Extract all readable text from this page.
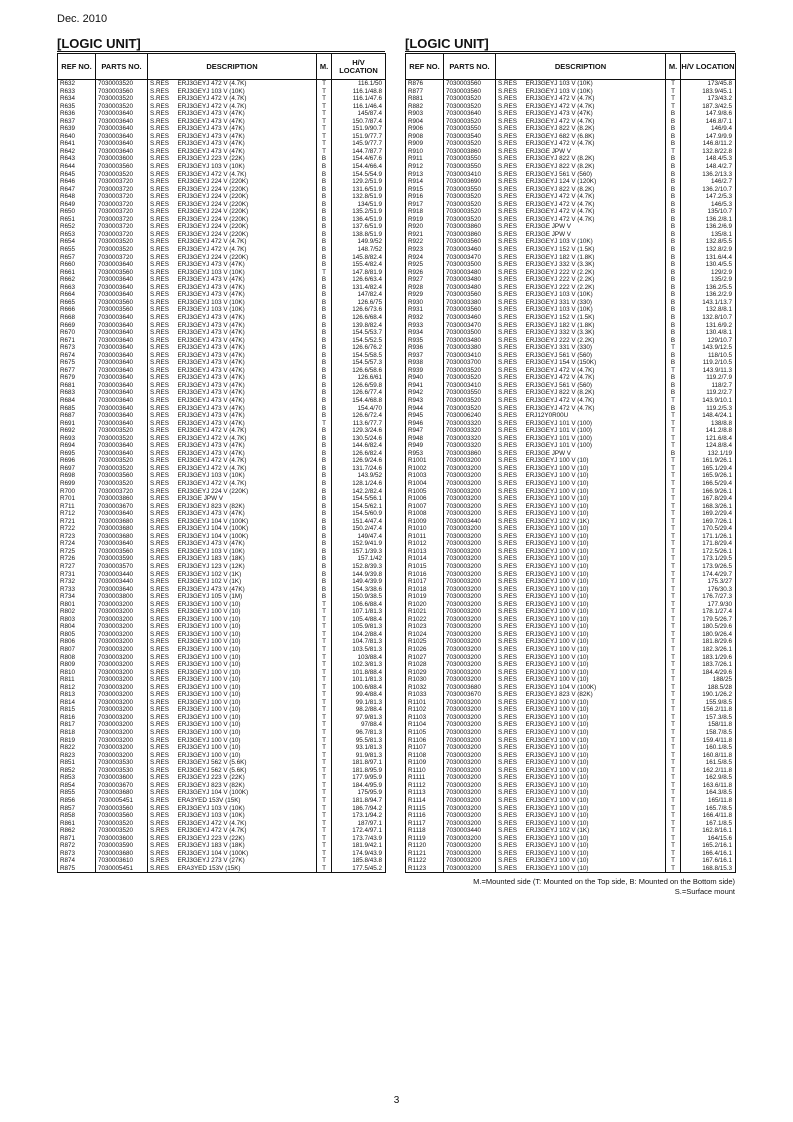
Dec. 2010
[LOGIC UNIT]	[LOGIC UNIT]
REF NO.	PARTS NO.	DESCRIPTION		M.	H/V LOCATION
R632	7030003520	S.RES	ERJ3GEYJ 472 V (4.7K)	T	116.1/50
R633	7030003560	S.RES	ERJ3GEYJ 103 V (10K)	T	116.1/48.8
R634	7030003520	S.RES	ERJ3GEYJ 472 V (4.7K)	T	116.1/47.6
R635	7030003520	S.RES	ERJ3GEYJ 472 V (4.7K)	T	116.1/46.4
R636	7030003640	S.RES	ERJ3GEYJ 473 V (47K)	T	145/87.4
R637	7030003640	S.RES	ERJ3GEYJ 473 V (47K)	T	150.7/87.4
R639	7030003640	S.RES	ERJ3GEYJ 473 V (47K)	T	151.9/90.7
R640	7030003640	S.RES	ERJ3GEYJ 473 V (47K)	T	151.9/77.7
R641	7030003640	S.RES	ERJ3GEYJ 473 V (47K)	T	145.9/77.7
R642	7030003640	S.RES	ERJ3GEYJ 473 V (47K)	T	144.7/87.7
R643	7030003600	S.RES	ERJ3GEYJ 223 V (22K)	B	154.4/67.6
R644	7030003560	S.RES	ERJ3GEYJ 103 V (10K)	B	154.4/66.4
R645	7030003520	S.RES	ERJ3GEYJ 472 V (4.7K)	B	154.5/54.9
R646	7030003720	S.RES	ERJ3GEYJ 224 V (220K)	B	129.2/51.9
R647	7030003720	S.RES	ERJ3GEYJ 224 V (220K)	B	131.6/51.9
R648	7030003720	S.RES	ERJ3GEYJ 224 V (220K)	B	132.8/51.9
R649	7030003720	S.RES	ERJ3GEYJ 224 V (220K)	B	134/51.9
R650	7030003720	S.RES	ERJ3GEYJ 224 V (220K)	B	135.2/51.9
R651	7030003720	S.RES	ERJ3GEYJ 224 V (220K)	B	136.4/51.9
R652	7030003720	S.RES	ERJ3GEYJ 224 V (220K)	B	137.6/51.9
R653	7030003720	S.RES	ERJ3GEYJ 224 V (220K)	B	138.8/51.9
R654	7030003520	S.RES	ERJ3GEYJ 472 V (4.7K)	B	149.9/52
R655	7030003520	S.RES	ERJ3GEYJ 472 V (4.7K)	B	148.7/52
R657	7030003720	S.RES	ERJ3GEYJ 224 V (220K)	B	145.8/82.4
R660	7030003640	S.RES	ERJ3GEYJ 473 V (47K)	B	155.4/82.4
R661	7030003560	S.RES	ERJ3GEYJ 103 V (10K)	T	147.8/81.9
R662	7030003640	S.RES	ERJ3GEYJ 473 V (47K)	B	126.6/63.4
R663	7030003640	S.RES	ERJ3GEYJ 473 V (47K)	B	131.4/82.4
R664	7030003640	S.RES	ERJ3GEYJ 473 V (47K)	B	147/82.4
R665	7030003560	S.RES	ERJ3GEYJ 103 V (10K)	B	126.6/75
R666	7030003560	S.RES	ERJ3GEYJ 103 V (10K)	B	126.6/73.6
R668	7030003640	S.RES	ERJ3GEYJ 473 V (47K)	B	126.6/68.4
R669	7030003640	S.RES	ERJ3GEYJ 473 V (47K)	B	139.8/82.4
R670	7030003640	S.RES	ERJ3GEYJ 473 V (47K)	B	154.5/53.7
R671	7030003640	S.RES	ERJ3GEYJ 473 V (47K)	B	154.5/52.5
R673	7030003640	S.RES	ERJ3GEYJ 473 V (47K)	B	126.6/76.2
R674	7030003640	S.RES	ERJ3GEYJ 473 V (47K)	B	154.5/58.5
R675	7030003640	S.RES	ERJ3GEYJ 473 V (47K)	B	154.5/57.3
R677	7030003640	S.RES	ERJ3GEYJ 473 V (47K)	B	126.6/58.6
R679	7030003640	S.RES	ERJ3GEYJ 473 V (47K)	B	126.6/61
R681	7030003640	S.RES	ERJ3GEYJ 473 V (47K)	B	126.6/59.8
R683	7030003640	S.RES	ERJ3GEYJ 473 V (47K)	B	126.6/77.4
R684	7030003640	S.RES	ERJ3GEYJ 473 V (47K)	B	154.4/68.8
R685	7030003640	S.RES	ERJ3GEYJ 473 V (47K)	B	154.4/70
R687	7030003640	S.RES	ERJ3GEYJ 473 V (47K)	B	126.6/72.4
R691	7030003640	S.RES	ERJ3GEYJ 473 V (47K)	T	113.6/77.7
R692	7030003520	S.RES	ERJ3GEYJ 472 V (4.7K)	B	129.3/24.6
R693	7030003520	S.RES	ERJ3GEYJ 472 V (4.7K)	B	130.5/24.6
R694	7030003640	S.RES	ERJ3GEYJ 473 V (47K)	B	144.6/82.4
R695	7030003640	S.RES	ERJ3GEYJ 473 V (47K)	B	126.6/82.4
R696	7030003520	S.RES	ERJ3GEYJ 472 V (4.7K)	B	126.9/24.6
R697	7030003520	S.RES	ERJ3GEYJ 472 V (4.7K)	B	131.7/24.6
R698	7030003560	S.RES	ERJ3GEYJ 103 V (10K)	B	143.9/52
R699	7030003520	S.RES	ERJ3GEYJ 472 V (4.7K)	B	128.1/24.6
R700	7030003720	S.RES	ERJ3GEYJ 224 V (220K)	B	142.2/82.4
R701	7030003860	S.RES	ERJ3GE JPW V	B	154.5/56.1
R711	7030003670	S.RES	ERJ3GEYJ 823 V (82K)	B	154.5/62.1
R712	7030003640	S.RES	ERJ3GEYJ 473 V (47K)	B	154.5/60.9
R721	7030003680	S.RES	ERJ3GEYJ 104 V (100K)	B	151.4/47.4
R722	7030003680	S.RES	ERJ3GEYJ 104 V (100K)	B	150.2/47.4
R723	7030003680	S.RES	ERJ3GEYJ 104 V (100K)	B	149/47.4
R724	7030003640	S.RES	ERJ3GEYJ 473 V (47K)	B	152.9/41.9
R725	7030003560	S.RES	ERJ3GEYJ 103 V (10K)	B	157.1/39.3
R726	7030003590	S.RES	ERJ3GEYJ 183 V (18K)	B	157.1/42
R727	7030003570	S.RES	ERJ3GEYJ 123 V (12K)	B	152.8/39.3
R731	7030003440	S.RES	ERJ3GEYJ 102 V (1K)	B	144.9/39.8
R732	7030003440	S.RES	ERJ3GEYJ 102 V (1K)	B	149.4/39.9
R733	7030003640	S.RES	ERJ3GEYJ 473 V (47K)	B	154.3/38.6
R734	7030003800	S.RES	ERJ3GEYJ 105 V (1M)	B	150.9/38.5
R801	7030003200	S.RES	ERJ3GEYJ 100 V (10)	T	106.6/88.4
R802	7030003200	S.RES	ERJ3GEYJ 100 V (10)	T	107.1/81.3
R803	7030003200	S.RES	ERJ3GEYJ 100 V (10)	T	105.4/88.4
R804	7030003200	S.RES	ERJ3GEYJ 100 V (10)	T	105.9/81.3
R805	7030003200	S.RES	ERJ3GEYJ 100 V (10)	T	104.2/88.4
R806	7030003200	S.RES	ERJ3GEYJ 100 V (10)	T	104.7/81.3
R807	7030003200	S.RES	ERJ3GEYJ 100 V (10)	T	103.5/81.3
R808	7030003200	S.RES	ERJ3GEYJ 100 V (10)	T	103/88.4
R809	7030003200	S.RES	ERJ3GEYJ 100 V (10)	T	102.3/81.3
R810	7030003200	S.RES	ERJ3GEYJ 100 V (10)	T	101.8/88.4
R811	7030003200	S.RES	ERJ3GEYJ 100 V (10)	T	101.1/81.3
R812	7030003200	S.RES	ERJ3GEYJ 100 V (10)	T	100.6/88.4
R813	7030003200	S.RES	ERJ3GEYJ 100 V (10)	T	99.4/88.4
R814	7030003200	S.RES	ERJ3GEYJ 100 V (10)	T	99.1/81.3
R815	7030003200	S.RES	ERJ3GEYJ 100 V (10)	T	98.2/88.4
R816	7030003200	S.RES	ERJ3GEYJ 100 V (10)	T	97.9/81.3
R817	7030003200	S.RES	ERJ3GEYJ 100 V (10)	T	97/88.4
R818	7030003200	S.RES	ERJ3GEYJ 100 V (10)	T	96.7/81.3
R819	7030003200	S.RES	ERJ3GEYJ 100 V (10)	T	95.5/81.3
R822	7030003200	S.RES	ERJ3GEYJ 100 V (10)	T	93.1/81.3
R823	7030003200	S.RES	ERJ3GEYJ 100 V (10)	T	91.9/81.3
R851	7030003530	S.RES	ERJ3GEYJ 562 V (5.6K)	T	181.8/97.1
R852	7030003530	S.RES	ERJ3GEYJ 562 V (5.6K)	T	181.8/95.9
R853	7030003600	S.RES	ERJ3GEYJ 223 V (22K)	T	177.9/95.9
R854	7030003670	S.RES	ERJ3GEYJ 823 V (82K)	T	184.4/95.9
R855	7030003680	S.RES	ERJ3GEYJ 104 V (100K)	T	175/95.9
R856	7030005451	S.RES	ERA3YED 153V (15K)	T	181.8/94.7
R857	7030003560	S.RES	ERJ3GEYJ 103 V (10K)	T	186.7/94.2
R858	7030003560	S.RES	ERJ3GEYJ 103 V (10K)	T	173.1/94.2
R861	7030003520	S.RES	ERJ3GEYJ 472 V (4.7K)	T	187/97.1
R862	7030003520	S.RES	ERJ3GEYJ 472 V (4.7K)	T	172.4/97.1
R871	7030003600	S.RES	ERJ3GEYJ 223 V (22K)	T	173.7/43.9
R872	7030003590	S.RES	ERJ3GEYJ 183 V (18K)	T	181.9/42.1
R873	7030003680	S.RES	ERJ3GEYJ 104 V (100K)	T	174.9/43.9
R874	7030003610	S.RES	ERJ3GEYJ 273 V (27K)	T	185.8/43.8
R875	7030005451	S.RES	ERA3YED 153V (15K)	T	177.5/45.2
REF NO.	PARTS NO.	DESCRIPTION		M.	H/V LOCATION
R876	7030003560	S.RES	ERJ3GEYJ 103 V (10K)	T	173/45.8
R877	7030003560	S.RES	ERJ3GEYJ 103 V (10K)	T	183.9/45.1
R881	7030003520	S.RES	ERJ3GEYJ 472 V (4.7K)	T	173/43.2
R882	7030003520	S.RES	ERJ3GEYJ 472 V (4.7K)	T	187.3/42.5
R903	7030003640	S.RES	ERJ3GEYJ 473 V (47K)	B	147.9/8.6
R904	7030003520	S.RES	ERJ3GEYJ 472 V (4.7K)	B	146.8/7.1
R906	7030003550	S.RES	ERJ3GEYJ 822 V (8.2K)	B	146/9.4
R908	7030003540	S.RES	ERJ3GEYJ 682 V (6.8K)	B	147.9/9.9
R909	7030003520	S.RES	ERJ3GEYJ 472 V (4.7K)	B	146.8/11.2
R910	7030003860	S.RES	ERJ3GE JPW V	T	132.8/22.8
R911	7030003550	S.RES	ERJ3GEYJ 822 V (8.2K)	B	148.4/5.3
R912	7030003550	S.RES	ERJ3GEYJ 822 V (8.2K)	B	148.4/2.7
R913	7030003410	S.RES	ERJ3GEYJ 561 V (560)	B	136.2/13.3
R914	7030003690	S.RES	ERJ3GEYJ 124 V (120K)	B	146/2.7
R915	7030003550	S.RES	ERJ3GEYJ 822 V (8.2K)	B	136.2/10.7
R916	7030003520	S.RES	ERJ3GEYJ 472 V (4.7K)	B	147.2/5.3
R917	7030003520	S.RES	ERJ3GEYJ 472 V (4.7K)	B	146/5.3
R918	7030003520	S.RES	ERJ3GEYJ 472 V (4.7K)	B	135/10.7
R919	7030003520	S.RES	ERJ3GEYJ 472 V (4.7K)	B	136.2/8.1
R920	7030003860	S.RES	ERJ3GE JPW V	B	136.2/6.9
R921	7030003860	S.RES	ERJ3GE JPW V	B	135/8.1
R922	7030003560	S.RES	ERJ3GEYJ 103 V (10K)	B	132.8/5.5
R923	7030003460	S.RES	ERJ3GEYJ 152 V (1.5K)	B	132.8/2.9
R924	7030003470	S.RES	ERJ3GEYJ 182 V (1.8K)	B	131.6/4.4
R925	7030003500	S.RES	ERJ3GEYJ 332 V (3.3K)	B	130.4/5.5
R926	7030003480	S.RES	ERJ3GEYJ 222 V (2.2K)	B	129/2.9
R927	7030003480	S.RES	ERJ3GEYJ 222 V (2.2K)	B	135/2.9
R928	7030003480	S.RES	ERJ3GEYJ 222 V (2.2K)	B	136.2/5.5
R929	7030003560	S.RES	ERJ3GEYJ 103 V (10K)	B	136.2/2.9
R930	7030003380	S.RES	ERJ3GEYJ 331 V (330)	B	143.1/13.7
R931	7030003560	S.RES	ERJ3GEYJ 103 V (10K)	B	132.8/8.1
R932	7030003460	S.RES	ERJ3GEYJ 152 V (1.5K)	B	132.8/10.7
R933	7030003470	S.RES	ERJ3GEYJ 182 V (1.8K)	B	131.6/9.2
R934	7030003500	S.RES	ERJ3GEYJ 332 V (3.3K)	B	130.4/8.1
R935	7030003480	S.RES	ERJ3GEYJ 222 V (2.2K)	B	129/10.7
R936	7030003380	S.RES	ERJ3GEYJ 331 V (330)	T	143.9/12.5
R937	7030003410	S.RES	ERJ3GEYJ 561 V (560)	B	118/10.5
R938	7030003700	S.RES	ERJ3GEYJ 154 V (150K)	B	119.2/10.5
R939	7030003520	S.RES	ERJ3GEYJ 472 V (4.7K)	T	143.9/11.3
R940	7030003520	S.RES	ERJ3GEYJ 472 V (4.7K)	B	119.2/7.9
R941	7030003410	S.RES	ERJ3GEYJ 561 V (560)	B	118/2.7
R942	7030003550	S.RES	ERJ3GEYJ 822 V (8.2K)	B	119.2/2.7
R943	7030003520	S.RES	ERJ3GEYJ 472 V (4.7K)	T	143.9/10.1
R944	7030003520	S.RES	ERJ3GEYJ 472 V (4.7K)	B	119.2/5.3
R945	7030006240	S.RES	ERJ12Y0R00U	T	148.4/24.1
R946	7030003320	S.RES	ERJ3GEYJ 101 V (100)	T	138/8.8
R947	7030003320	S.RES	ERJ3GEYJ 101 V (100)	T	141.2/8.8
R948	7030003320	S.RES	ERJ3GEYJ 101 V (100)	T	121.6/8.4
R949	7030003320	S.RES	ERJ3GEYJ 101 V (100)	T	124.8/8.4
R953	7030003860	S.RES	ERJ3GE JPW V	B	132.1/19
R1001	7030003200	S.RES	ERJ3GEYJ 100 V (10)	T	161.9/26.1
R1002	7030003200	S.RES	ERJ3GEYJ 100 V (10)	T	165.1/29.4
R1003	7030003200	S.RES	ERJ3GEYJ 100 V (10)	T	165.9/26.1
R1004	7030003200	S.RES	ERJ3GEYJ 100 V (10)	T	166.5/29.4
R1005	7030003200	S.RES	ERJ3GEYJ 100 V (10)	T	166.9/26.1
R1006	7030003200	S.RES	ERJ3GEYJ 100 V (10)	T	167.8/29.4
R1007	7030003200	S.RES	ERJ3GEYJ 100 V (10)	T	168.3/26.1
R1008	7030003200	S.RES	ERJ3GEYJ 100 V (10)	T	169.2/29.4
R1009	7030003440	S.RES	ERJ3GEYJ 102 V (1K)	T	169.7/26.1
R1010	7030003200	S.RES	ERJ3GEYJ 100 V (10)	T	170.5/29.4
R1011	7030003200	S.RES	ERJ3GEYJ 100 V (10)	T	171.1/26.1
R1012	7030003200	S.RES	ERJ3GEYJ 100 V (10)	T	171.8/29.4
R1013	7030003200	S.RES	ERJ3GEYJ 100 V (10)	T	172.5/26.1
R1014	7030003200	S.RES	ERJ3GEYJ 100 V (10)	T	173.1/29.5
R1015	7030003200	S.RES	ERJ3GEYJ 100 V (10)	T	173.9/26.5
R1016	7030003200	S.RES	ERJ3GEYJ 100 V (10)	T	174.4/29.7
R1017	7030003200	S.RES	ERJ3GEYJ 100 V (10)	T	175.3/27
R1018	7030003200	S.RES	ERJ3GEYJ 100 V (10)	T	176/30.3
R1019	7030003200	S.RES	ERJ3GEYJ 100 V (10)	T	176.7/27.3
R1020	7030003200	S.RES	ERJ3GEYJ 100 V (10)	T	177.9/30
R1021	7030003200	S.RES	ERJ3GEYJ 100 V (10)	T	178.1/27.4
R1022	7030003200	S.RES	ERJ3GEYJ 100 V (10)	T	179.5/26.7
R1023	7030003200	S.RES	ERJ3GEYJ 100 V (10)	T	180.5/29.6
R1024	7030003200	S.RES	ERJ3GEYJ 100 V (10)	T	180.9/26.4
R1025	7030003200	S.RES	ERJ3GEYJ 100 V (10)	T	181.8/29.6
R1026	7030003200	S.RES	ERJ3GEYJ 100 V (10)	T	182.3/26.1
R1027	7030003200	S.RES	ERJ3GEYJ 100 V (10)	T	183.1/29.6
R1028	7030003200	S.RES	ERJ3GEYJ 100 V (10)	T	183.7/26.1
R1029	7030003200	S.RES	ERJ3GEYJ 100 V (10)	T	184.4/29.6
R1030	7030003200	S.RES	ERJ3GEYJ 100 V (10)	T	188/25
R1032	7030003680	S.RES	ERJ3GEYJ 104 V (100K)	T	188.5/28
R1033	7030003670	S.RES	ERJ3GEYJ 823 V (82K)	T	190.1/26.2
R1101	7030003200	S.RES	ERJ3GEYJ 100 V (10)	T	155.9/8.5
R1102	7030003200	S.RES	ERJ3GEYJ 100 V (10)	T	156.2/11.8
R1103	7030003200	S.RES	ERJ3GEYJ 100 V (10)	T	157.3/8.5
R1104	7030003200	S.RES	ERJ3GEYJ 100 V (10)	T	158/11.8
R1105	7030003200	S.RES	ERJ3GEYJ 100 V (10)	T	158.7/8.5
R1106	7030003200	S.RES	ERJ3GEYJ 100 V (10)	T	159.4/11.8
R1107	7030003200	S.RES	ERJ3GEYJ 100 V (10)	T	160.1/8.5
R1108	7030003200	S.RES	ERJ3GEYJ 100 V (10)	T	160.8/11.8
R1109	7030003200	S.RES	ERJ3GEYJ 100 V (10)	T	161.5/8.5
R1110	7030003200	S.RES	ERJ3GEYJ 100 V (10)	T	162.2/11.8
R1111	7030003200	S.RES	ERJ3GEYJ 100 V (10)	T	162.9/8.5
R1112	7030003200	S.RES	ERJ3GEYJ 100 V (10)	T	163.6/11.8
R1113	7030003200	S.RES	ERJ3GEYJ 100 V (10)	T	164.3/8.5
R1114	7030003200	S.RES	ERJ3GEYJ 100 V (10)	T	165/11.8
R1115	7030003200	S.RES	ERJ3GEYJ 100 V (10)	T	165.7/8.5
R1116	7030003200	S.RES	ERJ3GEYJ 100 V (10)	T	166.4/11.8
R1117	7030003200	S.RES	ERJ3GEYJ 100 V (10)	T	167.1/8.5
R1118	7030003440	S.RES	ERJ3GEYJ 102 V (1K)	T	162.8/16.1
R1119	7030003200	S.RES	ERJ3GEYJ 100 V (10)	T	164/15.6
R1120	7030003200	S.RES	ERJ3GEYJ 100 V (10)	T	165.2/16.1
R1121	7030003200	S.RES	ERJ3GEYJ 100 V (10)	T	166.4/16.1
R1122	7030003200	S.RES	ERJ3GEYJ 100 V (10)	T	167.6/16.1
R1123	7030003200	S.RES	ERJ3GEYJ 100 V (10)	T	168.8/15.3
M.=Mounted side (T: Mounted on the Top side, B: Mounted on the Bottom side)
S.=Surface mount
3
